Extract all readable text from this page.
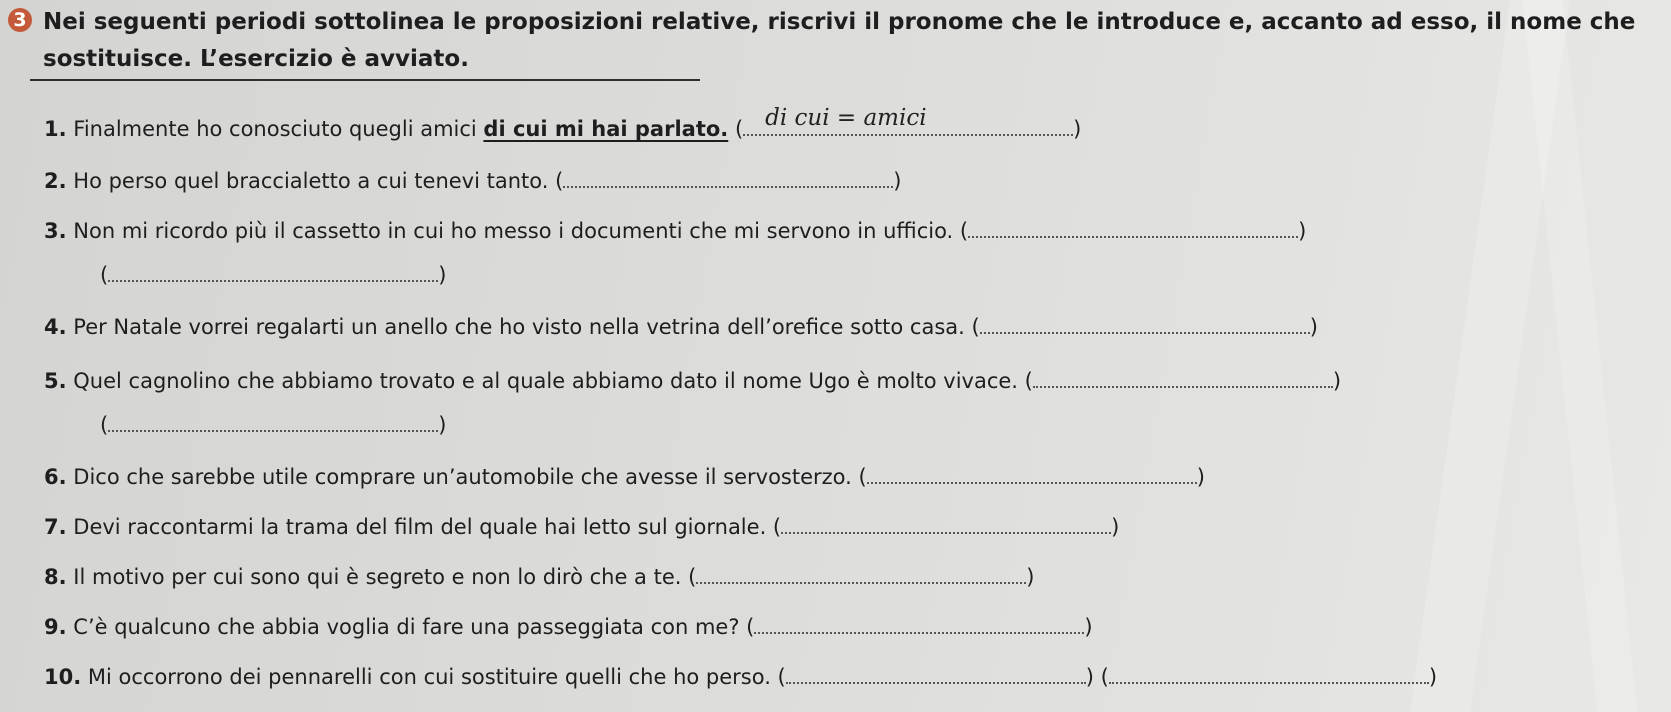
3 Nei seguenti periodi sottolinea le proposizioni relative, riscrivi il pronome che le introduce e, accanto ad esso, il nome che sostituisce. L’esercizio è avviato.

1. Finalmente ho conosciuto quegli amici di cui mi hai parlato. ( di cui = amici	)
2. Ho perso quel braccialetto a cui tenevi tanto. (	)
3. Non mi ricordo più il cassetto in cui ho messo i documenti che mi servono in ufficio. (	)
(	)
4. Per Natale vorrei regalarti un anello che ho visto nella vetrina dell’orefice sotto casa. (	)
5. Quel cagnolino che abbiamo trovato e al quale abbiamo dato il nome Ugo è molto vivace. (	)
(	)
6. Dico che sarebbe utile comprare un’automobile che avesse il servosterzo. (	)
7. Devi raccontarmi la trama del film del quale hai letto sul giornale. (	)
8. Il motivo per cui sono qui è segreto e non lo dirò che a te. (	)
9. C’è qualcuno che abbia voglia di fare una passeggiata con me? (	)
10. Mi occorrono dei pennarelli con cui sostituire quelli che ho perso. (	) (	)
